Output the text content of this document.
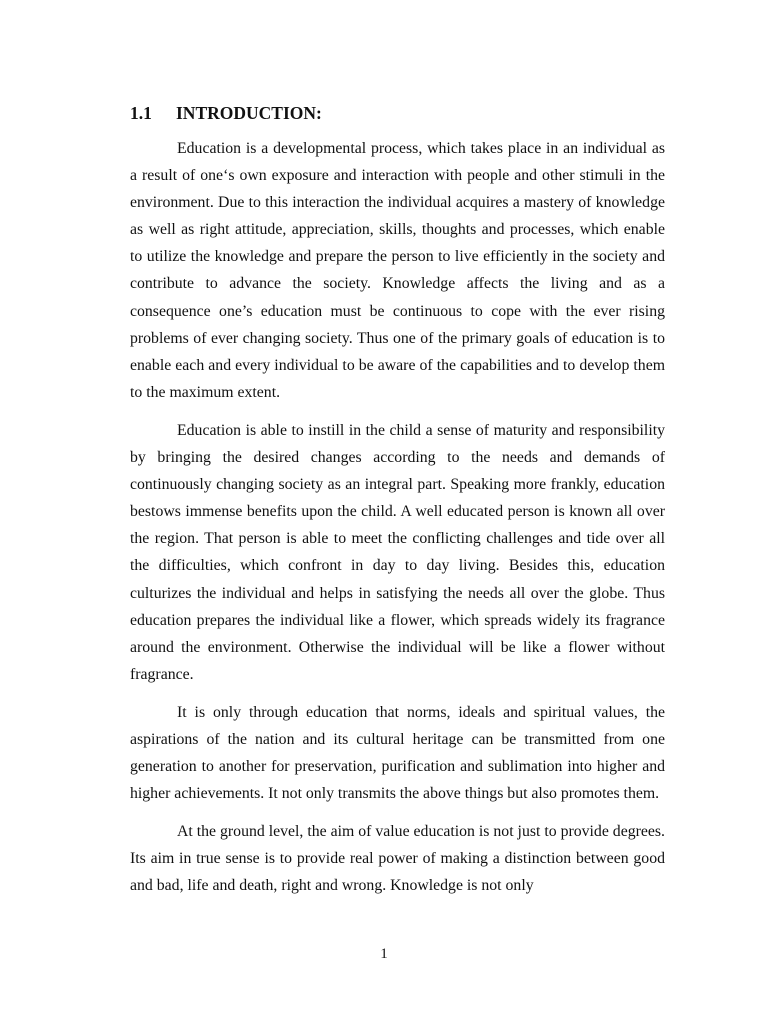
1.1 INTRODUCTION:

Education is a developmental process, which takes place in an individual as a result of one‘s own exposure and interaction with people and other stimuli in the environment. Due to this interaction the individual acquires a mastery of knowledge as well as right attitude, appreciation, skills, thoughts and processes, which enable to utilize the knowledge and prepare the person to live efficiently in the society and contribute to advance the society. Knowledge affects the living and as a consequence one’s education must be continuous to cope with the ever rising problems of ever changing society. Thus one of the primary goals of education is to enable each and every individual to be aware of the capabilities and to develop them to the maximum extent.

Education is able to instill in the child a sense of maturity and responsibility by bringing the desired changes according to the needs and demands of continuously changing society as an integral part. Speaking more frankly, education bestows immense benefits upon the child. A well educated person is known all over the region. That person is able to meet the conflicting challenges and tide over all the difficulties, which confront in day to day living. Besides this, education culturizes the individual and helps in satisfying the needs all over the globe. Thus education prepares the individual like a flower, which spreads widely its fragrance around the environment. Otherwise the individual will be like a flower without fragrance.

It is only through education that norms, ideals and spiritual values, the aspirations of the nation and its cultural heritage can be transmitted from one generation to another for preservation, purification and sublimation into higher and higher achievements. It not only transmits the above things but also promotes them.

At the ground level, the aim of value education is not just to provide degrees. Its aim in true sense is to provide real power of making a distinction between good and bad, life and death, right and wrong. Knowledge is not only

1
